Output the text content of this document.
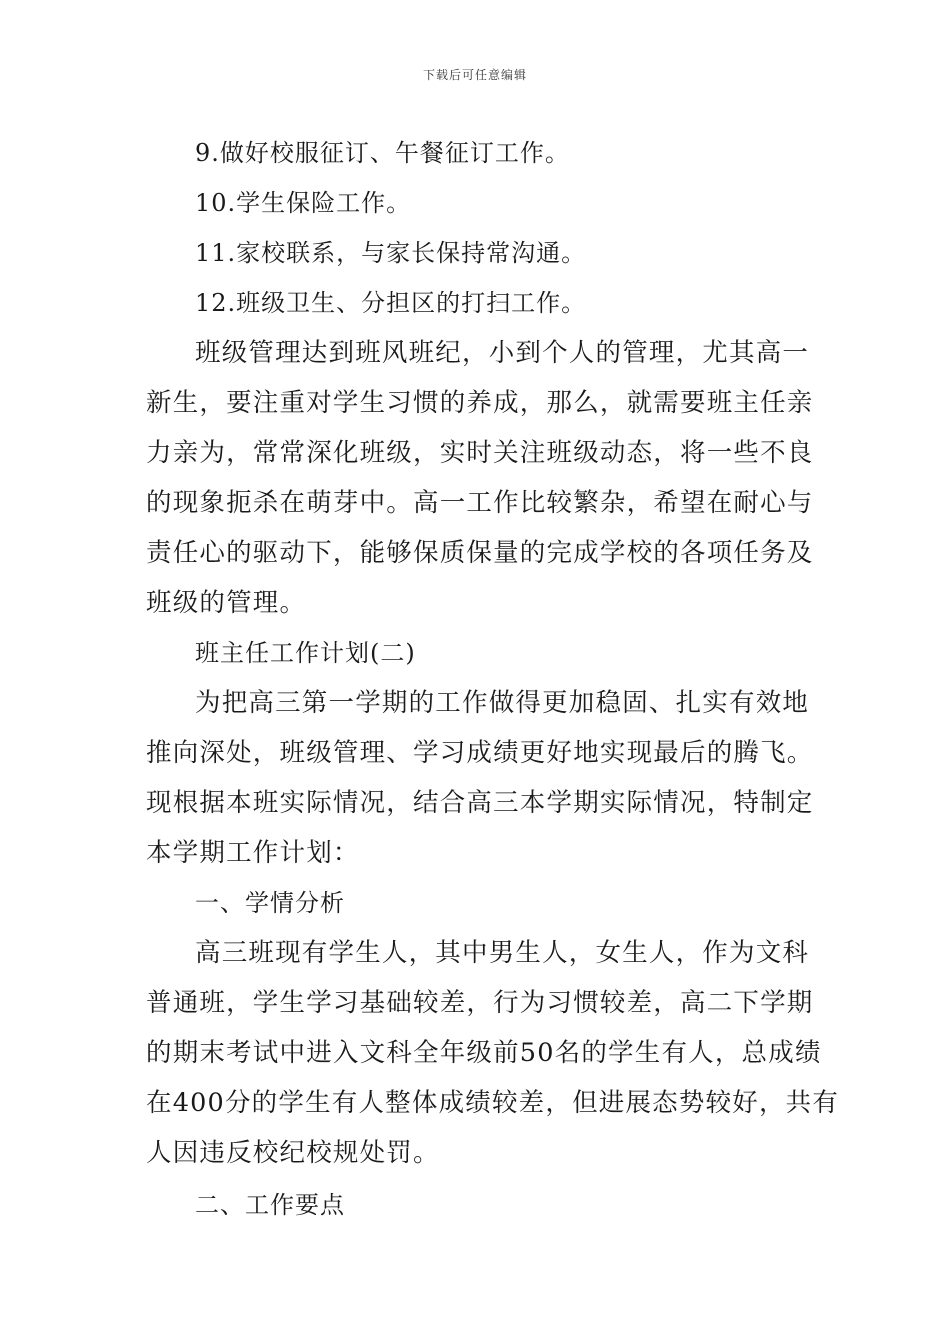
下载后可任意编辑
9.做好校服征订、午餐征订工作。
10.学生保险工作。
11.家校联系，与家长保持常沟通。
12.班级卫生、分担区的打扫工作。
班级管理达到班风班纪，小到个人的管理，尤其高一
新生，要注重对学生习惯的养成，那么，就需要班主任亲
力亲为，常常深化班级，实时关注班级动态，将一些不良
的现象扼杀在萌芽中。高一工作比较繁杂，希望在耐心与
责任心的驱动下，能够保质保量的完成学校的各项任务及
班级的管理。
班主任工作计划(二)
为把高三第一学期的工作做得更加稳固、扎实有效地
推向深处，班级管理、学习成绩更好地实现最后的腾飞。
现根据本班实际情况，结合高三本学期实际情况，特制定
本学期工作计划：
一、学情分析
高三班现有学生人，其中男生人，女生人，作为文科
普通班，学生学习基础较差，行为习惯较差，高二下学期
的期末考试中进入文科全年级前50名的学生有人，总成绩
在400分的学生有人整体成绩较差，但进展态势较好，共有
人因违反校纪校规处罚。
二、工作要点
